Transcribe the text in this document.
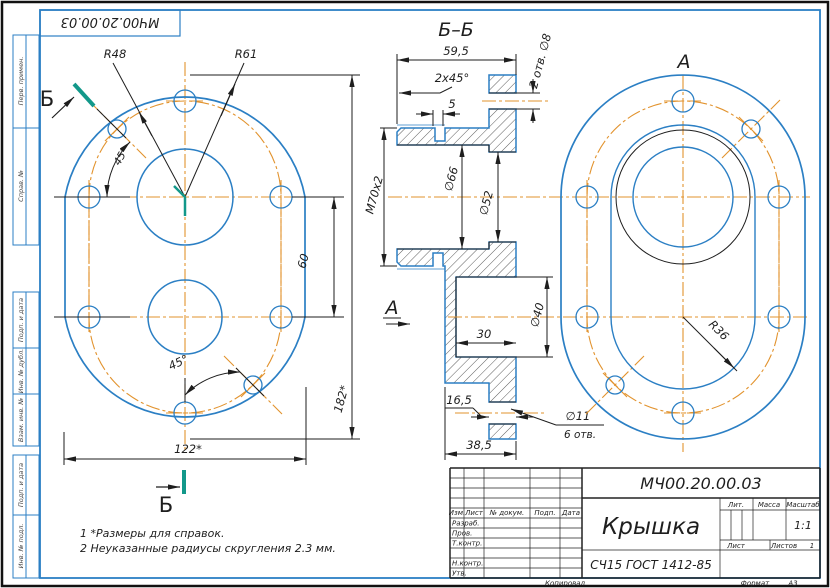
МЧ00.20.00.03
Перв. примен.
Справ. №
Подп. и дата
Инв. № дубл.
Взам. инв. №
Подп. и дата
Инв. № подл.
R48	R61
45°
45°
60
182*
122*
Б
Б
Б–Б
59,5
2x45°
5
М70х2	∅66
∅52
∅40
30
16,5
38,5
∅11
6 отв.
2 отв. ∅8
А
А
R36
1 *Размеры для справок.
2 Неуказанные радиусы скругления 2.3 мм.
МЧ00.20.00.03
Крышка
СЧ15 ГОСТ 1412-85
Изм. Лист № докум. Подп. Дата
Разраб.
Пров.
Т.контр.
Н.контр.
Утв.
Лит. Масса Масштаб
1:1
Лист	Листов 1
Копировал	Формат	А3
